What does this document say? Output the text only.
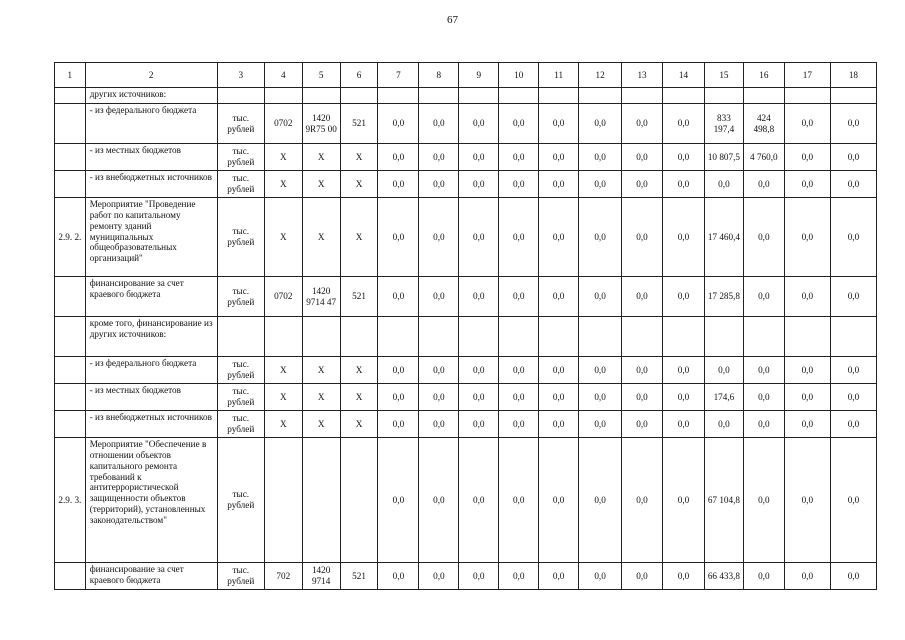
67
1	2	3	4	5	6	7	8	9	10	11	12	13	14	15	16	17	18
	других источников:																
	- из федерального бюджета	тыс. рублей	0702	1420 9R75 00	521	0,0	0,0	0,0	0,0	0,0	0,0	0,0	0,0	833 197,4	424 498,8	0,0	0,0
	- из местных бюджетов	тыс. рублей	Х	Х	Х	0,0	0,0	0,0	0,0	0,0	0,0	0,0	0,0	10 807,5	4 760,0	0,0	0,0
	- из внебюджетных источников	тыс. рублей	Х	Х	Х	0,0	0,0	0,0	0,0	0,0	0,0	0,0	0,0	0,0	0,0	0,0	0,0
2.9. 2.	Мероприятие "Проведение работ по капитальному ремонту зданий муниципальных общеобразовательных организаций"	тыс. рублей	Х	Х	Х	0,0	0,0	0,0	0,0	0,0	0,0	0,0	0,0	17 460,4	0,0	0,0	0,0
	финансирование за счет краевого бюджета	тыс. рублей	0702	1420 9714 47	521	0,0	0,0	0,0	0,0	0,0	0,0	0,0	0,0	17 285,8	0,0	0,0	0,0
	кроме того, финансирование из других источников:																
	- из федерального бюджета	тыс. рублей	Х	Х	Х	0,0	0,0	0,0	0,0	0,0	0,0	0,0	0,0	0,0	0,0	0,0	0,0
	- из местных бюджетов	тыс. рублей	Х	Х	Х	0,0	0,0	0,0	0,0	0,0	0,0	0,0	0,0	174,6	0,0	0,0	0,0
	- из внебюджетных источников	тыс. рублей	Х	Х	Х	0,0	0,0	0,0	0,0	0,0	0,0	0,0	0,0	0,0	0,0	0,0	0,0
2.9. 3.	Мероприятие "Обеспечение в отношении объектов капитального ремонта требований к антитеррористической защищенности объектов (территорий), установленных законодательством"	тыс. рублей				0,0	0,0	0,0	0,0	0,0	0,0	0,0	0,0	67 104,8	0,0	0,0	0,0
	финансирование за счет краевого бюджета	тыс. рублей	702	1420 9714	521	0,0	0,0	0,0	0,0	0,0	0,0	0,0	0,0	66 433,8	0,0	0,0	0,0
